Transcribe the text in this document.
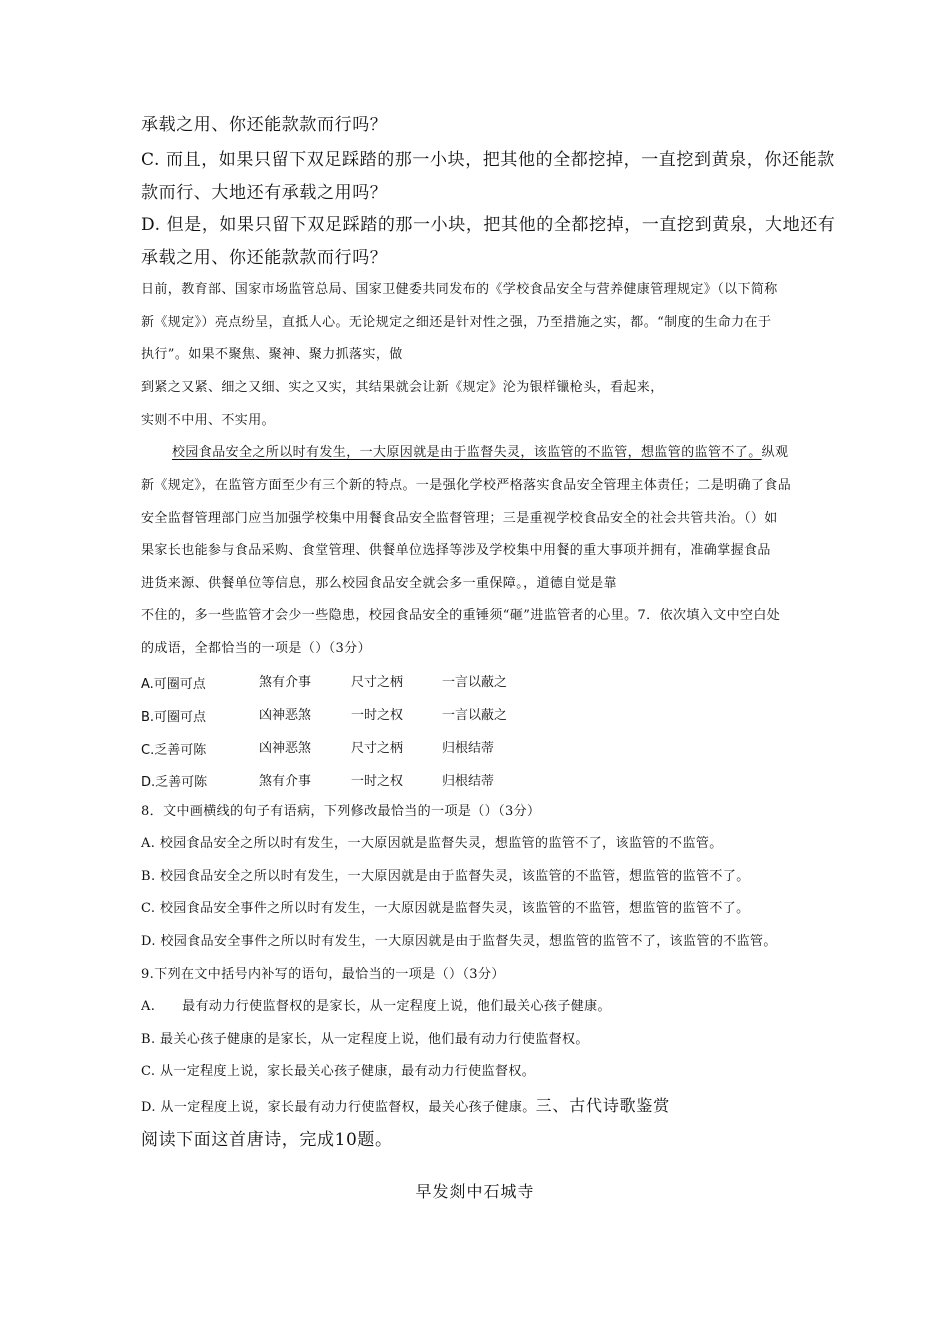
承载之用、你还能款款而行吗？
C. 而且，如果只留下双足踩踏的那一小块，把其他的全都挖掉，一直挖到黄泉，你还能款
款而行、大地还有承载之用吗？
D. 但是，如果只留下双足踩踏的那一小块，把其他的全都挖掉，一直挖到黄泉，大地还有
承载之用、你还能款款而行吗？
日前，教育部、国家市场监管总局、国家卫健委共同发布的《学校食品安全与营养健康管理规定》（以下简称
新《规定》）亮点纷呈，直抵人心。无论规定之细还是针对性之强，乃至措施之实，都。“制度的生命力在于
执行”。如果不聚焦、聚神、聚力抓落实，做
到紧之又紧、细之又细、实之又实，其结果就会让新《规定》沦为银样镴枪头，看起来，
实则不中用、不实用。
校园食品安全之所以时有发生，一大原因就是由于监督失灵，该监管的不监管，想监管的监管不了。纵观
新《规定》，在监管方面至少有三个新的特点。一是强化学校严格落实食品安全管理主体责任；二是明确了食品
安全监督管理部门应当加强学校集中用餐食品安全监督管理；三是重视学校食品安全的社会共管共治。（）如
果家长也能参与食品采购、食堂管理、供餐单位选择等涉及学校集中用餐的重大事项并拥有，准确掌握食品
进货来源、供餐单位等信息，那么校园食品安全就会多一重保障。，道德自觉是靠
不住的，多一些监管才会少一些隐患，校园食品安全的重锤须“砸”进监管者的心里。7．依次填入文中空白处
的成语，全都恰当的一项是（）（3分）
A.可圈可点	煞有介事	尺寸之柄	一言以蔽之
B.可圈可点	凶神恶煞	一时之权	一言以蔽之
C.乏善可陈	凶神恶煞	尺寸之柄	归根结蒂
D.乏善可陈	煞有介事	一时之权	归根结蒂
8．文中画横线的句子有语病，下列修改最恰当的一项是（）（3分）
A. 校园食品安全之所以时有发生，一大原因就是监督失灵，想监管的监管不了，该监管的不监管。
B. 校园食品安全之所以时有发生，一大原因就是由于监督失灵，该监管的不监管，想监管的监管不了。
C. 校园食品安全事件之所以时有发生，一大原因就是监督失灵，该监管的不监管，想监管的监管不了。
D. 校园食品安全事件之所以时有发生，一大原因就是由于监督失灵，想监管的监管不了，该监管的不监管。
9.下列在文中括号内补写的语句，最恰当的一项是（）（3分）
A.　　最有动力行使监督权的是家长，从一定程度上说，他们最关心孩子健康。
B. 最关心孩子健康的是家长，从一定程度上说，他们最有动力行使监督权。
C. 从一定程度上说，家长最关心孩子健康，最有动力行使监督权。
D. 从一定程度上说，家长最有动力行使监督权，最关心孩子健康。三、古代诗歌鉴赏
阅读下面这首唐诗，完成10题。
早发剡中石城寺
